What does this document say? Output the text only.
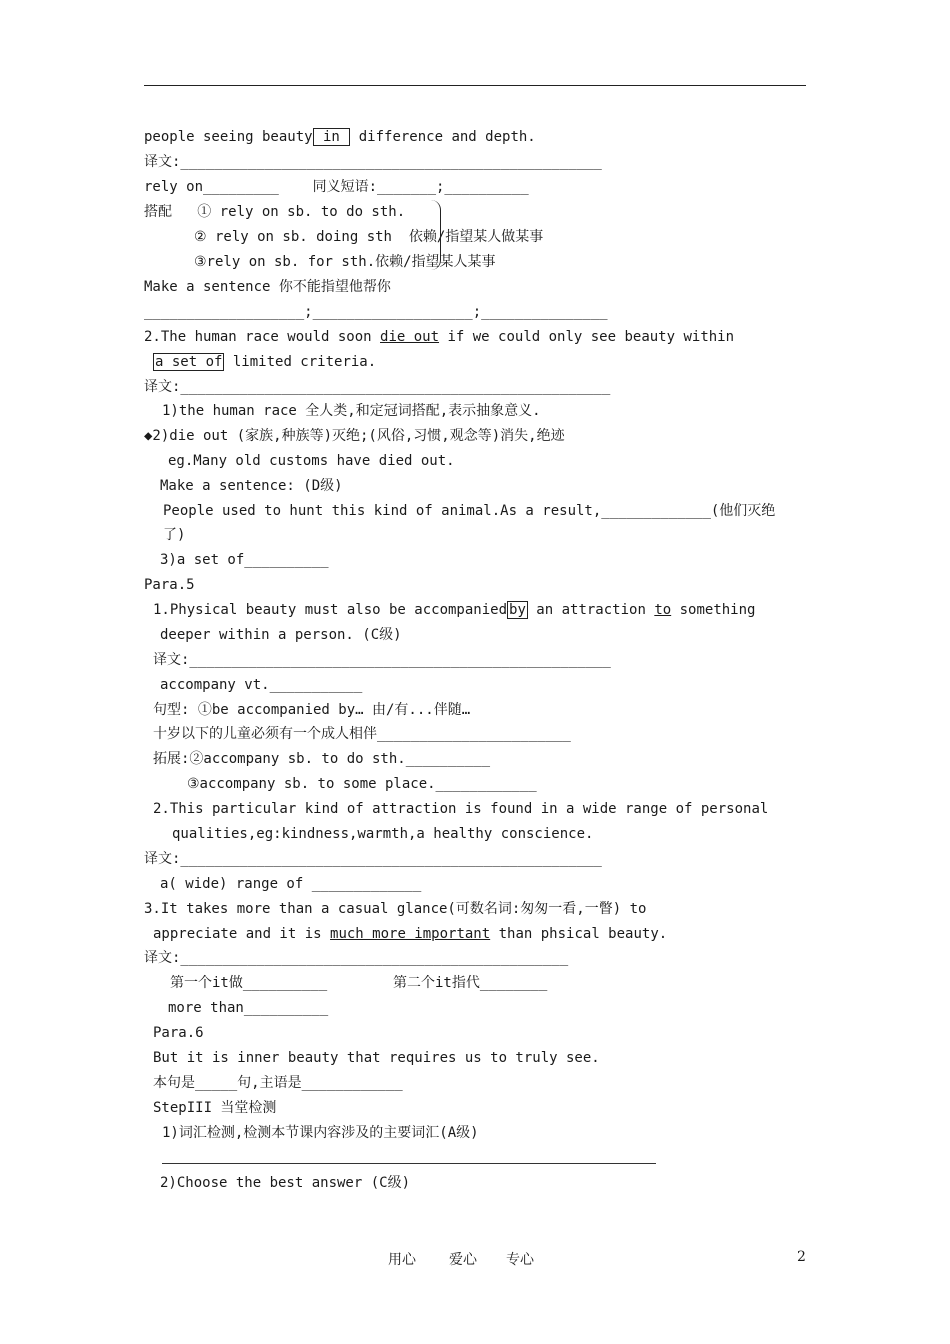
people seeing beauty in  difference and depth.
译文:__________________________________________________
rely on_________    同义短语:_______;__________
搭配   ① rely on sb. to do sth.
② rely on sb. doing sth  依赖/指望某人做某事
③rely on sb. for sth.依赖/指望某人某事
Make a sentence 你不能指望他帮你
___________________;___________________;_______________
2.The human race would soon die out if we could only see beauty within
a set of limited criteria.
译文:___________________________________________________
1)the human race 全人类,和定冠词搭配,表示抽象意义.
◆2)die out (家族,种族等)灭绝;(风俗,习惯,观念等)消失,绝迹
eg.Many old customs have died out.
Make a sentence: (D级)
People used to hunt this kind of animal.As a result,_____________(他们灭绝
了)
3)a set of__________
Para.5
1.Physical beauty must also be accompanied by an attraction to something
deeper within a person. (C级)
译文:__________________________________________________
accompany vt.___________
句型: ①be accompanied by… 由/有...伴随…
十岁以下的儿童必须有一个成人相伴_______________________
拓展:②accompany sb. to do sth.__________
③accompany sb. to some place.____________
2.This particular kind of attraction is found in a wide range of personal
qualities,eg:kindness,warmth,a healthy conscience.
译文:__________________________________________________
a( wide) range of _____________
3.It takes more than a casual glance(可数名词:匆匆一看,一瞥) to
appreciate and it is much more important than phsical beauty.
译文:______________________________________________
第一个it做__________	第二个it指代________
more than__________
Para.6
But it is inner beauty that requires us to truly see.
本句是_____句,主语是____________
StepIII 当堂检测
1)词汇检测,检测本节课内容涉及的主要词汇(A级)
2)Choose the best answer (C级)
用心 爱心 专心	2
